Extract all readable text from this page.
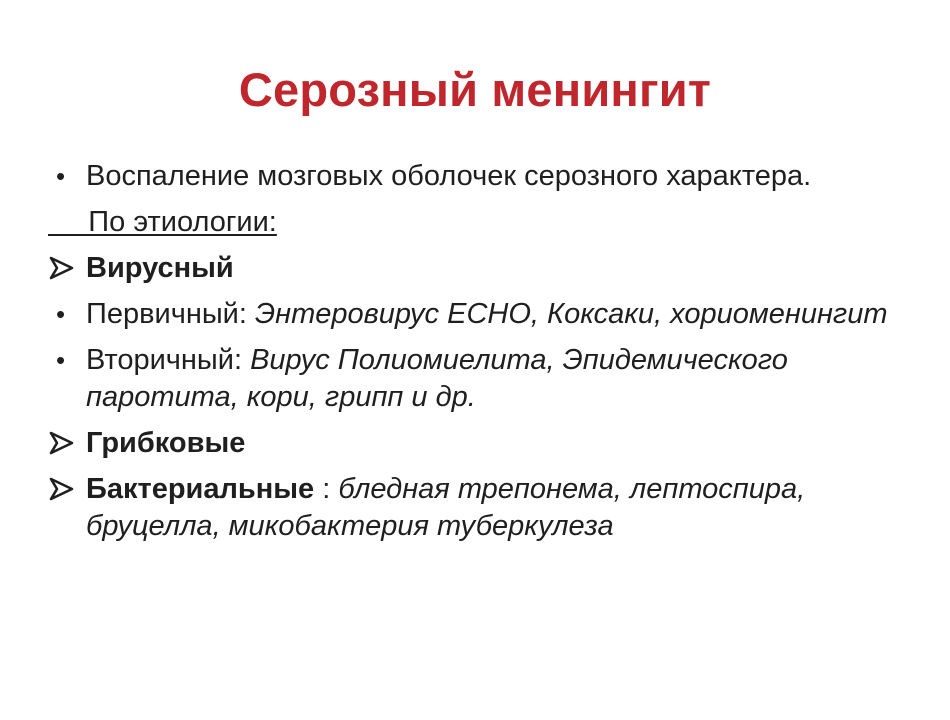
Серозный менингит
• Воспаление мозговых оболочек серозного характера.
По этиологии:
Вирусный
• Первичный: Энтеровирус ЕСНО, Коксаки, хориоменингит
• Вторичный: Вирус Полиомиелита, Эпидемического паротита, кори, грипп и др.
Грибковые
Бактериальные : бледная трепонема, лептоспира, бруцелла, микобактерия туберкулеза
